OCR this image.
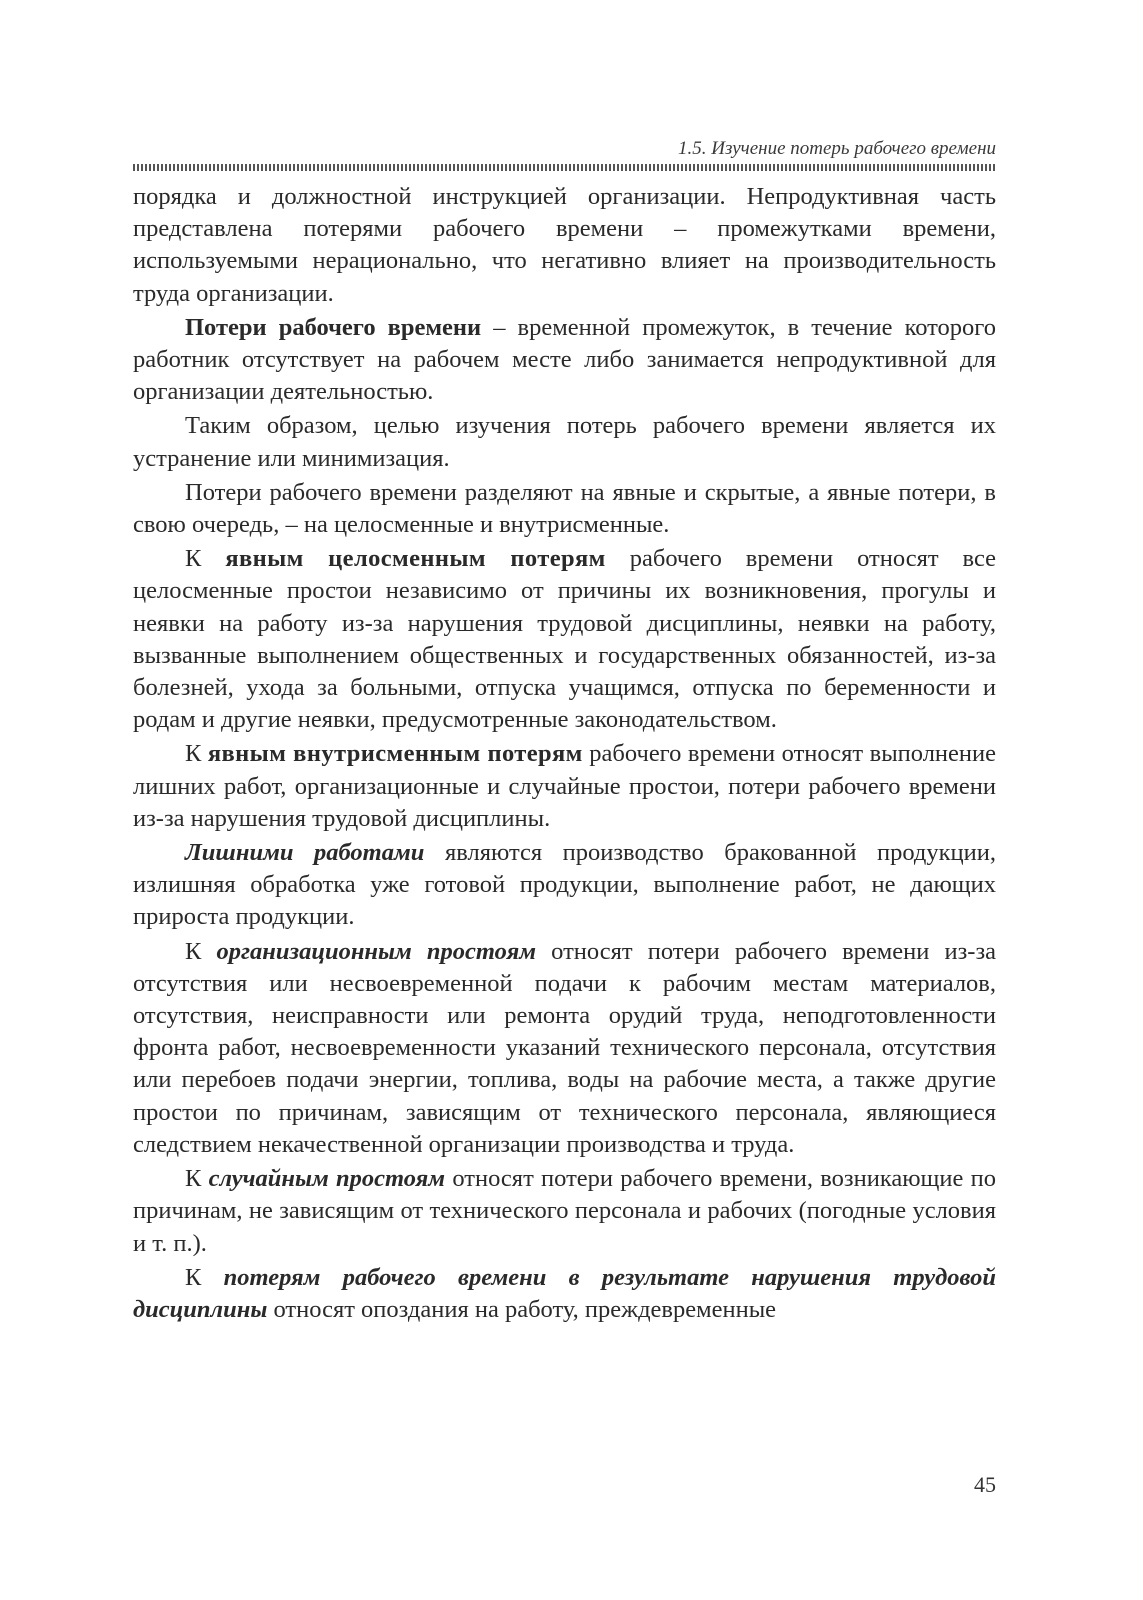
1.5. Изучение потерь рабочего времени

порядка и должностной инструкцией организации. Непродуктивная часть представлена потерями рабочего времени – промежутками времени, используемыми нерационально, что негативно влияет на производительность труда организации.

Потери рабочего времени – временной промежуток, в течение которого работник отсутствует на рабочем месте либо занимается непродуктивной для организации деятельностью.

Таким образом, целью изучения потерь рабочего времени является их устранение или минимизация.

Потери рабочего времени разделяют на явные и скрытые, а явные потери, в свою очередь, – на целосменные и внутрисменные.

К явным целосменным потерям рабочего времени относят все целосменные простои независимо от причины их возникновения, прогулы и неявки на работу из-за нарушения трудовой дисциплины, неявки на работу, вызванные выполнением общественных и государственных обязанностей, из-за болезней, ухода за больными, отпуска учащимся, отпуска по беременности и родам и другие неявки, предусмотренные законодательством.

К явным внутрисменным потерям рабочего времени относят выполнение лишних работ, организационные и случайные простои, потери рабочего времени из-за нарушения трудовой дисциплины.

Лишними работами являются производство бракованной продукции, излишняя обработка уже готовой продукции, выполнение работ, не дающих прироста продукции.

К организационным простоям относят потери рабочего времени из-за отсутствия или несвоевременной подачи к рабочим местам материалов, отсутствия, неисправности или ремонта орудий труда, неподготовленности фронта работ, несвоевременности указаний технического персонала, отсутствия или перебоев подачи энергии, топлива, воды на рабочие места, а также другие простои по причинам, зависящим от технического персонала, являющиеся следствием некачественной организации производства и труда.

К случайным простоям относят потери рабочего времени, возникающие по причинам, не зависящим от технического персонала и рабочих (погодные условия и т. п.).

К потерям рабочего времени в результате нарушения трудовой дисциплины относят опоздания на работу, преждевременные

45
